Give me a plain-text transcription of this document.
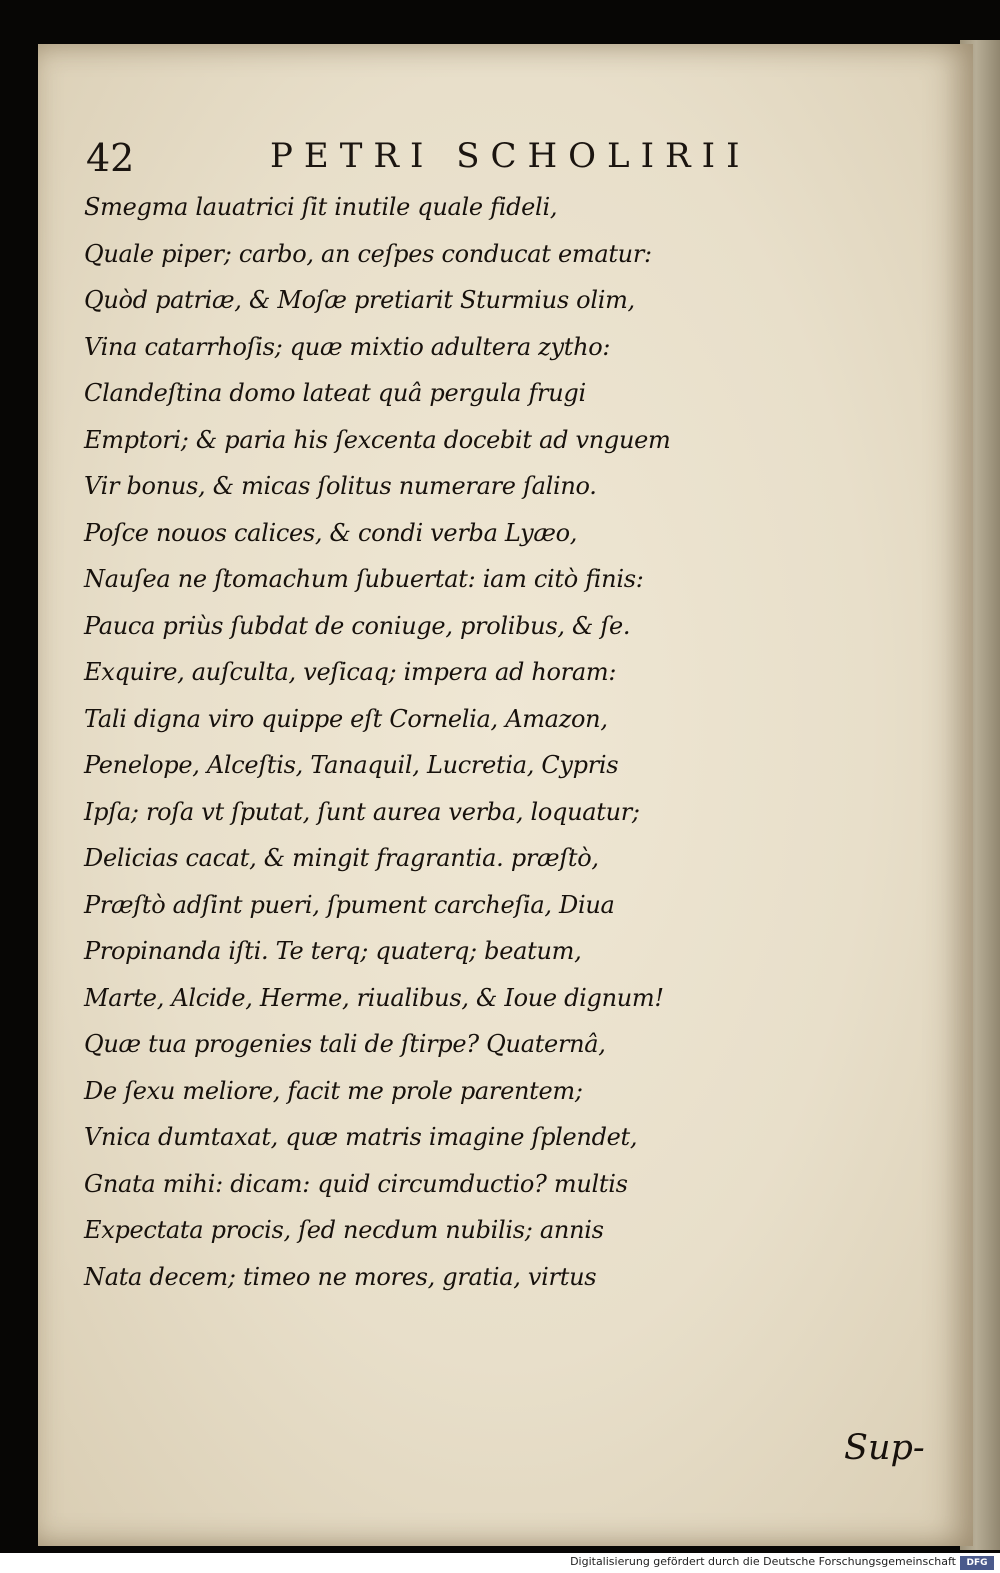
42	PETRI SCHOLIRII

Smegma lauatrici ſit inutile quale fideli,
Quale piper; carbo, an ceſpes conducat ematur:
Quòd patriæ, & Moſæ pretiarit Sturmius olim,
Vina catarrhoſis; quæ mixtio adultera zytho:
Clandeſtina domo lateat quâ pergula frugi
Emptori; & paria his ſexcenta docebit ad vnguem
Vir bonus, & micas ſolitus numerare ſalino.
Poſce nouos calices, & condi verba Lyæo,
Nauſea ne ſtomachum ſubuertat: iam citò finis:
Pauca priùs ſubdat de coniuge, prolibus, & ſe.
Exquire, auſculta, veſicaq; impera ad horam:
Tali digna viro quippe eſt Cornelia, Amazon,
Penelope, Alceſtis, Tanaquil, Lucretia, Cypris
Ipſa; roſa vt ſputat, ſunt aurea verba, loquatur;
Delicias cacat, & mingit fragrantia. præſtò,
Præſtò adſint pueri, ſpument carcheſia, Diua
Propinanda iſti. Te terq; quaterq; beatum,
Marte, Alcide, Herme, riualibus, & Ioue dignum!
Quæ tua progenies tali de ſtirpe? Quaternâ,
De ſexu meliore, facit me prole parentem;
Vnica dumtaxat, quæ matris imagine ſplendet,
Gnata mihi: dicam: quid circumductio? multis
Expectata procis, ſed necdum nubilis; annis
Nata decem; timeo ne mores, gratia, virtus

Sup-

Digitalisierung gefördert durch die Deutsche Forschungsgemeinschaft	DFG
